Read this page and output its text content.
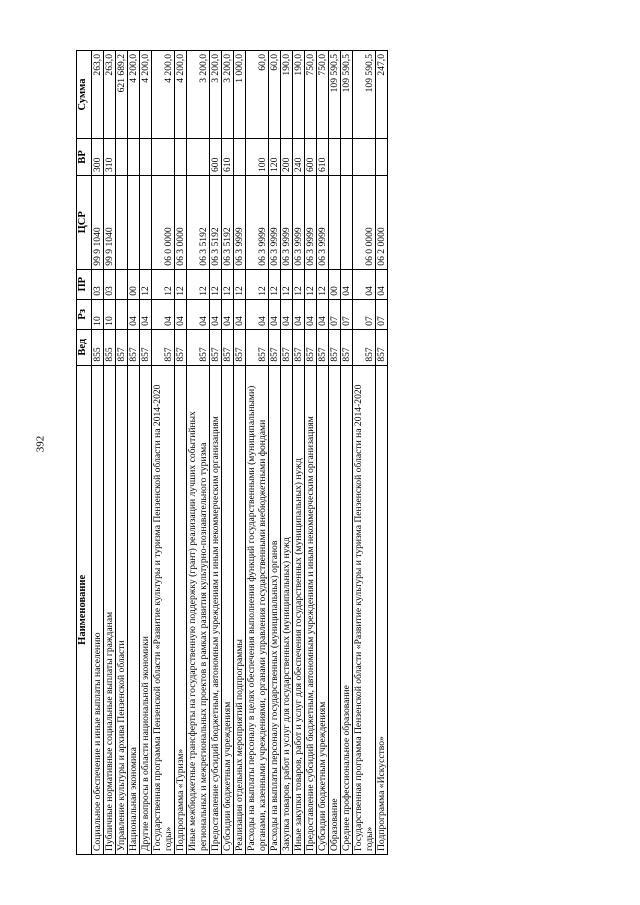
392
Наименование	Вед	Рз	ПР	ЦСР	ВР	Сумма
Социальное обеспечение и иные выплаты населению	855	10	03	99 9 1040	300	263,0
Публичные нормативные социальные выплаты гражданам	855	10	03	99 9 1040	310	263,0
Управление культуры и архива Пензенской области	857					621 689,2
Национальная экономика	857	04	00			4 200,0
Другие вопросы в области национальной экономики	857	04	12			4 200,0
Государственная программа Пензенской области «Развитие культуры и туризма Пензенской области на 2014-2020 годы»	857	04	12	06 0 0000		4 200,0
Подпрограмма «Туризм»	857	04	12	06 3 0000		4 200,0
Иные межбюджетные трансферты на государственную поддержку (грант) реализации лучших событийных региональных и межрегиональных проектов в рамках развития культурно-познавательного туризма	857	04	12	06 3 5192		3 200,0
Предоставление субсидий бюджетным, автономным учреждениям и иным некоммерческим организациям	857	04	12	06 3 5192	600	3 200,0
Субсидии бюджетным учреждениям	857	04	12	06 3 5192	610	3 200,0
Реализация отдельных мероприятий подпрограммы	857	04	12	06 3 9999		1 000,0
Расходы на выплаты персоналу в целях обеспечения выполнения функций государственными (муниципальными) органами, казенными учреждениями, органами управления государственными внебюджетными фондами	857	04	12	06 3 9999	100	60,0
Расходы на выплаты персоналу государственных (муниципальных) органов	857	04	12	06 3 9999	120	60,0
Закупка товаров, работ и услуг для государственных (муниципальных) нужд	857	04	12	06 3 9999	200	190,0
Иные закупки товаров, работ и услуг для обеспечения государственных (муниципальных) нужд	857	04	12	06 3 9999	240	190,0
Предоставление субсидий бюджетным, автономным учреждениям и иным некоммерческим организациям	857	04	12	06 3 9999	600	750,0
Субсидии бюджетным учреждениям	857	04	12	06 3 9999	610	750,0
Образование	857	07	00			109 590,5
Среднее профессиональное образование	857	07	04			109 590,5
Государственная программа Пензенской области «Развитие культуры и туризма Пензенской области на 2014-2020 годы»	857	07	04	06 0 0000		109 590,5
Подпрограмма «Искусство»	857	07	04	06 2 0000		247,0
